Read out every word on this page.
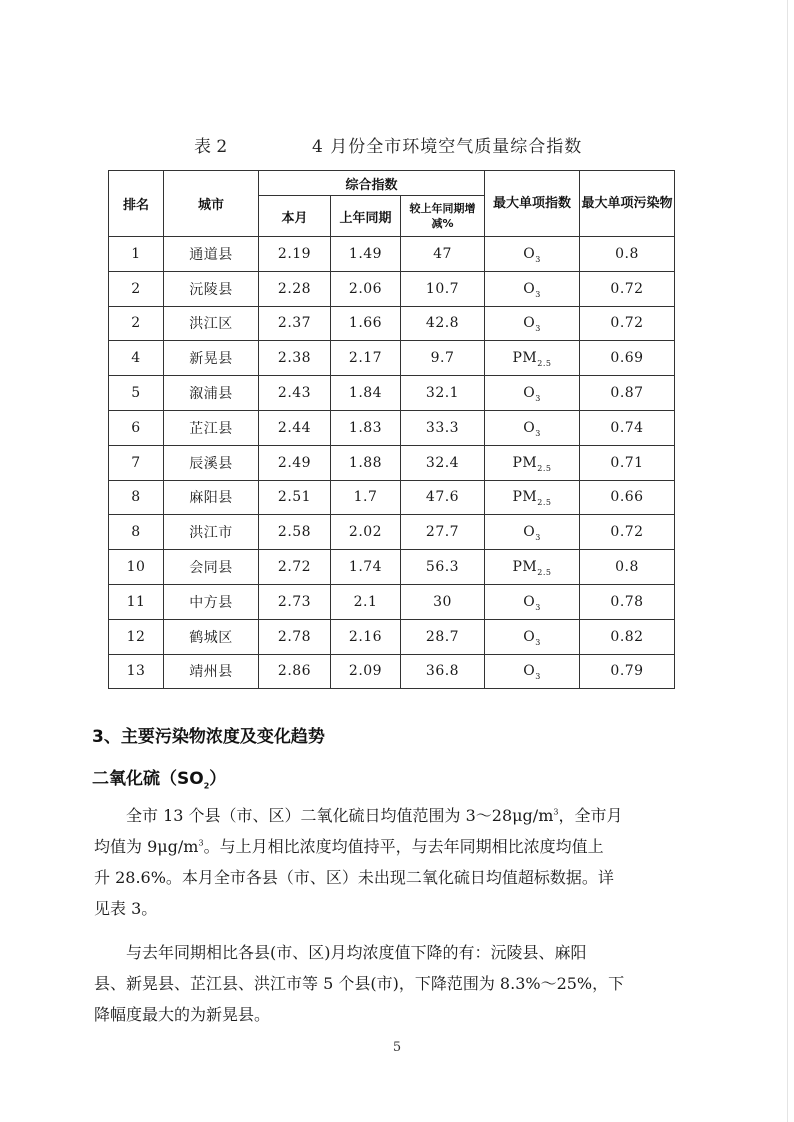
表 2	4 月份全市环境空气质量综合指数
排名	城市	综合指数			最大单项指数	最大单项污染物
		本月	上年同期	较上年同期增减%		
1	通道县	2.19	1.49	47	$O_3$	0.8
2	沅陵县	2.28	2.06	10.7	$O_3$	0.72
2	洪江区	2.37	1.66	42.8	$O_3$	0.72
4	新晃县	2.38	2.17	9.7	$PM_{2.5}$	0.69
5	溆浦县	2.43	1.84	32.1	$O_3$	0.87
6	芷江县	2.44	1.83	33.3	$O_3$	0.74
7	辰溪县	2.49	1.88	32.4	$PM_{2.5}$	0.71
8	麻阳县	2.51	1.7	47.6	$PM_{2.5}$	0.66
8	洪江市	2.58	2.02	27.7	$O_3$	0.72
10	会同县	2.72	1.74	56.3	$PM_{2.5}$	0.8
11	中方县	2.73	2.1	30	$O_3$	0.78
12	鹤城区	2.78	2.16	28.7	$O_3$	0.82
13	靖州县	2.86	2.09	36.8	$O_3$	0.79
3、主要污染物浓度及变化趋势
二氧化硫$(SO_2)$
全市 13 个县（市、区）二氧化硫日均值范围为 $3\sim 28\mu g/m^3$，全市月
均值为 $9\mu g/m^3$。与上月相比浓度均值持平，与去年同期相比浓度均值上
升 28.6%。本月全市各县（市、区）未出现二氧化硫日均值超标数据。详
见表 3。
与去年同期相比各县(市、区)月均浓度值下降的有：沅陵县、麻阳
县、新晃县、芷江县、洪江市等 5 个县(市)，下降范围为 8.3%～25%，下
降幅度最大的为新晃县。
5
